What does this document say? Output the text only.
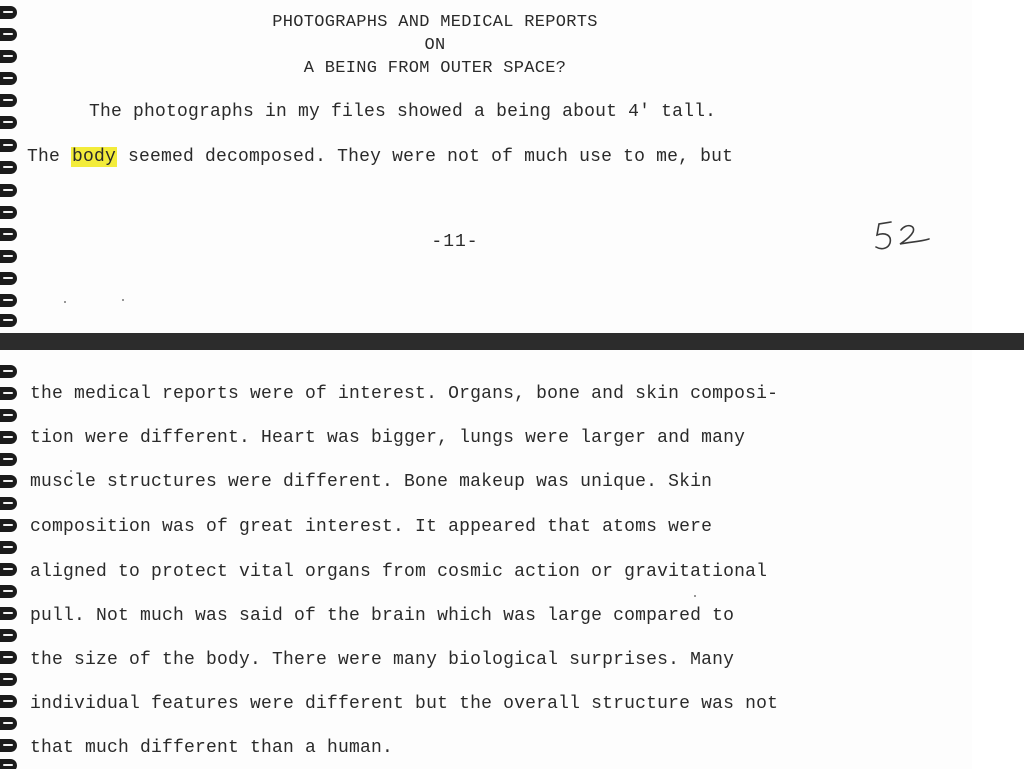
PHOTOGRAPHS AND MEDICAL REPORTS
ON
A BEING FROM OUTER SPACE?
The photographs in my files showed a being about 4' tall.
The body seemed decomposed. They were not of much use to me, but
-11-
the medical reports were of interest. Organs, bone and skin composi-
tion were different. Heart was bigger, lungs were larger and many
muscle structures were different. Bone makeup was unique. Skin
composition was of great interest. It appeared that atoms were
aligned to protect vital organs from cosmic action or gravitational
pull. Not much was said of the brain which was large compared to
the size of the body. There were many biological surprises. Many
individual features were different but the overall structure was not
that much different than a human.
